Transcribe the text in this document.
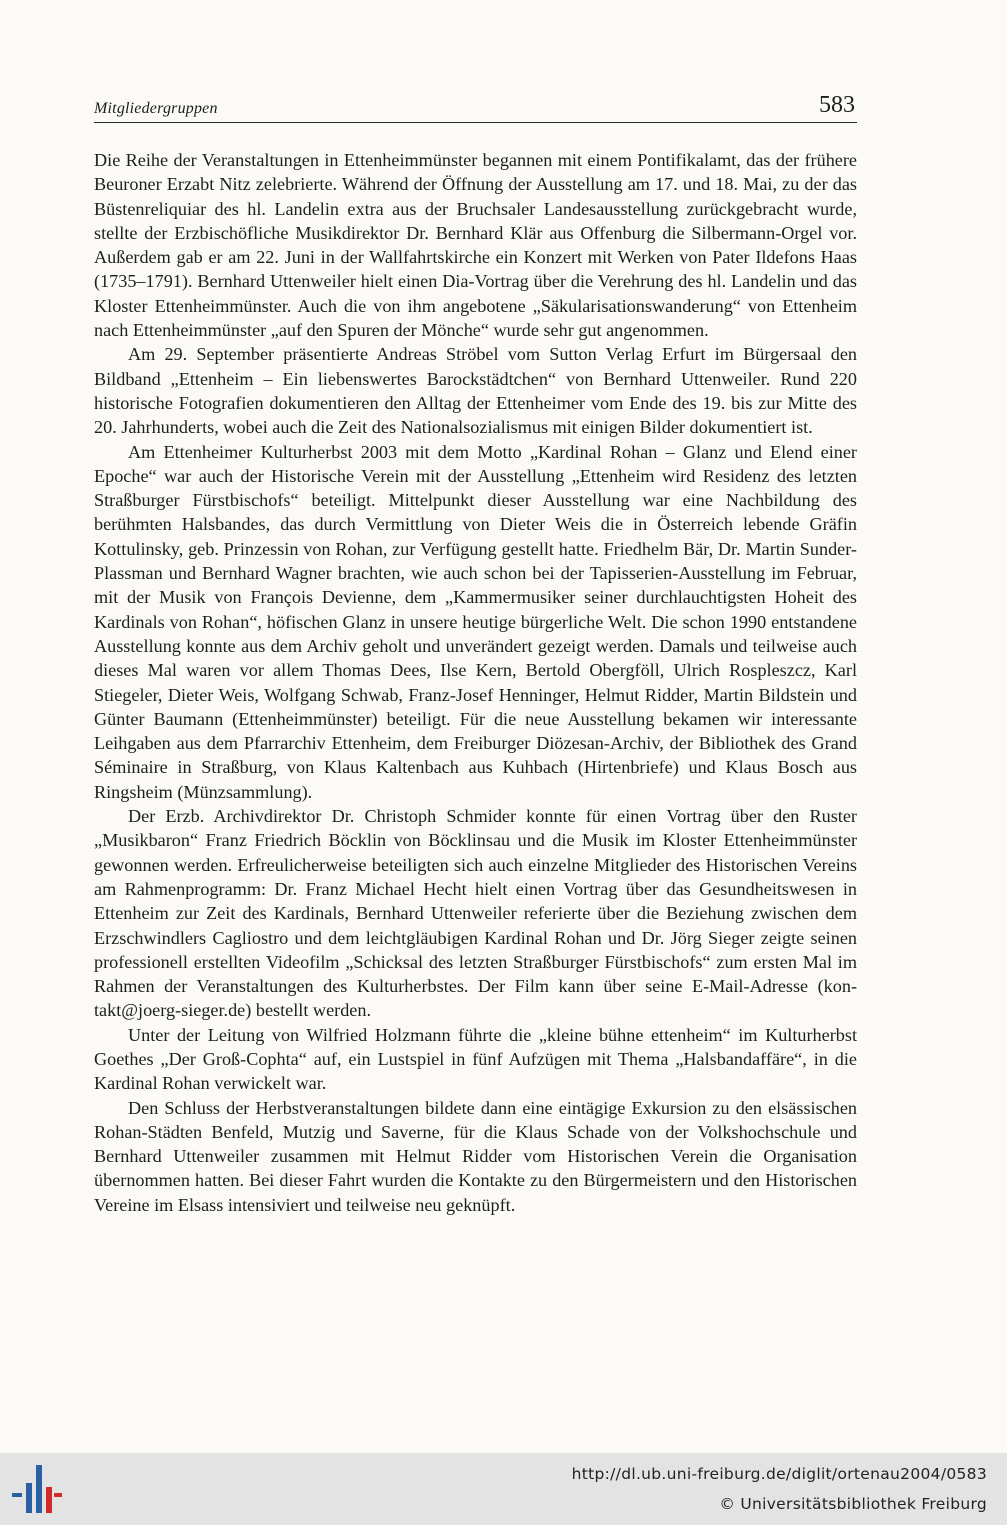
Mitgliedergruppen	583

Die Reihe der Veranstaltungen in Ettenheimmünster begannen mit einem Pontifikalamt, das der frühere Beuroner Erzabt Nitz zelebrierte. Während der Öffnung der Ausstellung am 17. und 18. Mai, zu der das Büstenreliquiar des hl. Landelin extra aus der Bruchsaler Landesausstellung zurückgebracht wurde, stellte der Erzbischöfliche Musikdirektor Dr. Bernhard Klär aus Offenburg die Silbermann-Orgel vor. Außerdem gab er am 22. Juni in der Wallfahrtskirche ein Konzert mit Werken von Pater Ildefons Haas (1735–1791). Bernhard Uttenweiler hielt einen Dia-Vortrag über die Verehrung des hl. Landelin und das Kloster Ettenheimmünster. Auch die von ihm angebotene „Säkularisationswanderung“ von Ettenheim nach Ettenheimmünster „auf den Spuren der Mönche“ wurde sehr gut angenommen.

Am 29. September präsentierte Andreas Ströbel vom Sutton Verlag Erfurt im Bürgersaal den Bildband „Ettenheim – Ein liebenswertes Barockstädtchen“ von Bernhard Uttenweiler. Rund 220 historische Fotografien dokumentieren den Alltag der Ettenheimer vom Ende des 19. bis zur Mitte des 20. Jahrhunderts, wobei auch die Zeit des Nationalsozialismus mit einigen Bilder dokumentiert ist.

Am Ettenheimer Kulturherbst 2003 mit dem Motto „Kardinal Rohan – Glanz und Elend einer Epoche“ war auch der Historische Verein mit der Ausstellung „Ettenheim wird Residenz des letzten Straßburger Fürstbischofs“ beteiligt. Mittelpunkt dieser Ausstellung war eine Nachbildung des berühmten Halsbandes, das durch Vermittlung von Dieter Weis die in Österreich lebende Gräfin Kottulinsky, geb. Prinzessin von Rohan, zur Verfügung gestellt hatte. Friedhelm Bär, Dr. Martin Sunder-Plassman und Bernhard Wagner brachten, wie auch schon bei der Tapisserien-Ausstellung im Februar, mit der Musik von François Devienne, dem „Kammermusiker seiner durchlauchtigsten Hoheit des Kardinals von Rohan“, höfischen Glanz in unsere heutige bürgerliche Welt. Die schon 1990 entstandene Ausstellung konnte aus dem Archiv geholt und unverändert gezeigt werden. Damals und teilweise auch dieses Mal waren vor allem Thomas Dees, Ilse Kern, Bertold Obergföll, Ulrich Rospleszcz, Karl Stiegeler, Dieter Weis, Wolfgang Schwab, Franz-Josef Henninger, Helmut Ridder, Martin Bildstein und Günter Baumann (Ettenheimmünster) beteiligt. Für die neue Ausstellung bekamen wir interessante Leihgaben aus dem Pfarrarchiv Ettenheim, dem Freiburger Diözesan-Archiv, der Bibliothek des Grand Séminaire in Straßburg, von Klaus Kaltenbach aus Kuhbach (Hirtenbriefe) und Klaus Bosch aus Ringsheim (Münzsammlung).

Der Erzb. Archivdirektor Dr. Christoph Schmider konnte für einen Vortrag über den Ruster „Musikbaron“ Franz Friedrich Böcklin von Böcklinsau und die Musik im Kloster Ettenheimmünster gewonnen werden. Erfreulicherweise beteiligten sich auch einzelne Mitglieder des Historischen Vereins am Rahmenprogramm: Dr. Franz Michael Hecht hielt einen Vortrag über das Gesundheitswesen in Ettenheim zur Zeit des Kardinals, Bernhard Uttenweiler referierte über die Beziehung zwischen dem Erzschwindlers Cagliostro und dem leichtgläubigen Kardinal Rohan und Dr. Jörg Sieger zeigte seinen professionell erstellten Videofilm „Schicksal des letzten Straßburger Fürstbischofs“ zum ersten Mal im Rahmen der Veranstaltungen des Kulturherbstes. Der Film kann über seine E-Mail-Adresse (kontakt@joerg-sieger.de) bestellt werden.

Unter der Leitung von Wilfried Holzmann führte die „kleine bühne ettenheim“ im Kulturherbst Goethes „Der Groß-Cophta“ auf, ein Lustspiel in fünf Aufzügen mit Thema „Halsbandaffäre“, in die Kardinal Rohan verwickelt war.

Den Schluss der Herbstveranstaltungen bildete dann eine eintägige Exkursion zu den elsässischen Rohan-Städten Benfeld, Mutzig und Saverne, für die Klaus Schade von der Volkshochschule und Bernhard Uttenweiler zusammen mit Helmut Ridder vom Historischen Verein die Organisation übernommen hatten. Bei dieser Fahrt wurden die Kontakte zu den Bürgermeistern und den Historischen Vereine im Elsass intensiviert und teilweise neu geknüpft.

http://dl.ub.uni-freiburg.de/diglit/ortenau2004/0583
© Universitätsbibliothek Freiburg
